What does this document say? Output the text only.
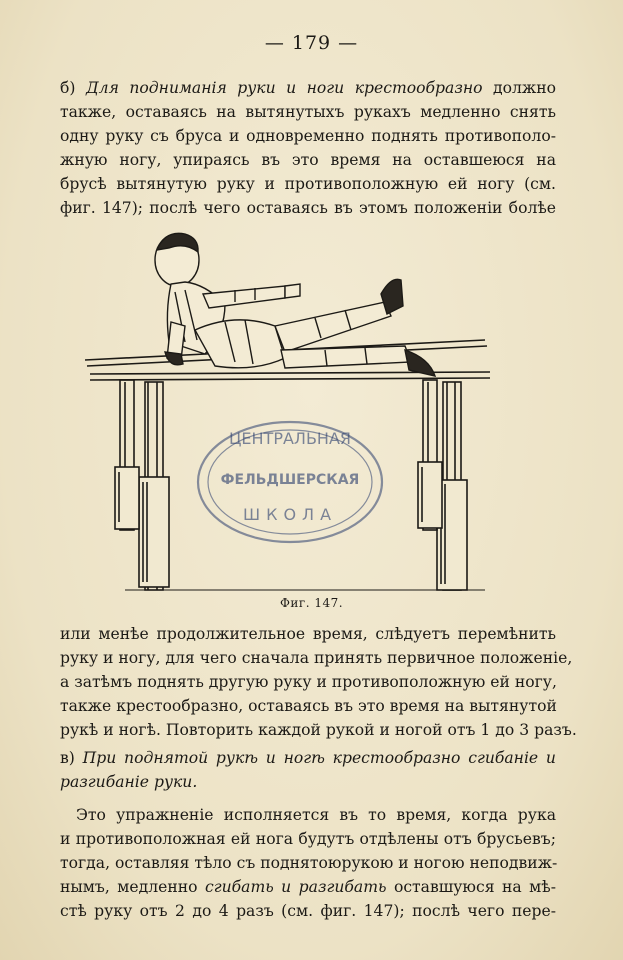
— 179 —
б) Для подниманія руки и ноги крестообразно должно
также, оставаясь на вытянутыхъ рукахъ медленно снять
одну руку съ бруса и одновременно поднять противополо-
жную ногу, упираясь въ это время на оставшеюся на
брусѣ вытянутую руку и противоположную ей ногу (см.
фиг. 147); послѣ чего оставаясь въ этомъ положеніи болѣе
ЦЕНТРАЛЬНАЯ
ФЕЛЬДШЕРСКАЯ
ШКОЛА
Фиг. 147.
или менѣе продолжительное время, слѣдуетъ перемѣнить
руку и ногу, для чего сначала принять первичное положеніе,
а затѣмъ поднять другую руку и противоположную ей ногу,
также крестообразно, оставаясь въ это время на вытянутой
рукѣ и ногѣ. Повторить каждой рукой и ногой отъ 1 до 3 разъ.
в) При поднятой рукѣ и ногѣ крестообразно сгибаніе и
разгибаніе руки.
Это упражненіе исполняется въ то время, когда рука
и противоположная ей нога будутъ отдѣлены отъ брусьевъ;
тогда, оставляя тѣло съ поднятоюрукою и ногою неподвиж-
нымъ, медленно сгибать и разгибать оставшуюся на мѣ-
стѣ руку отъ 2 до 4 разъ (см. фиг. 147); послѣ чего пере-
